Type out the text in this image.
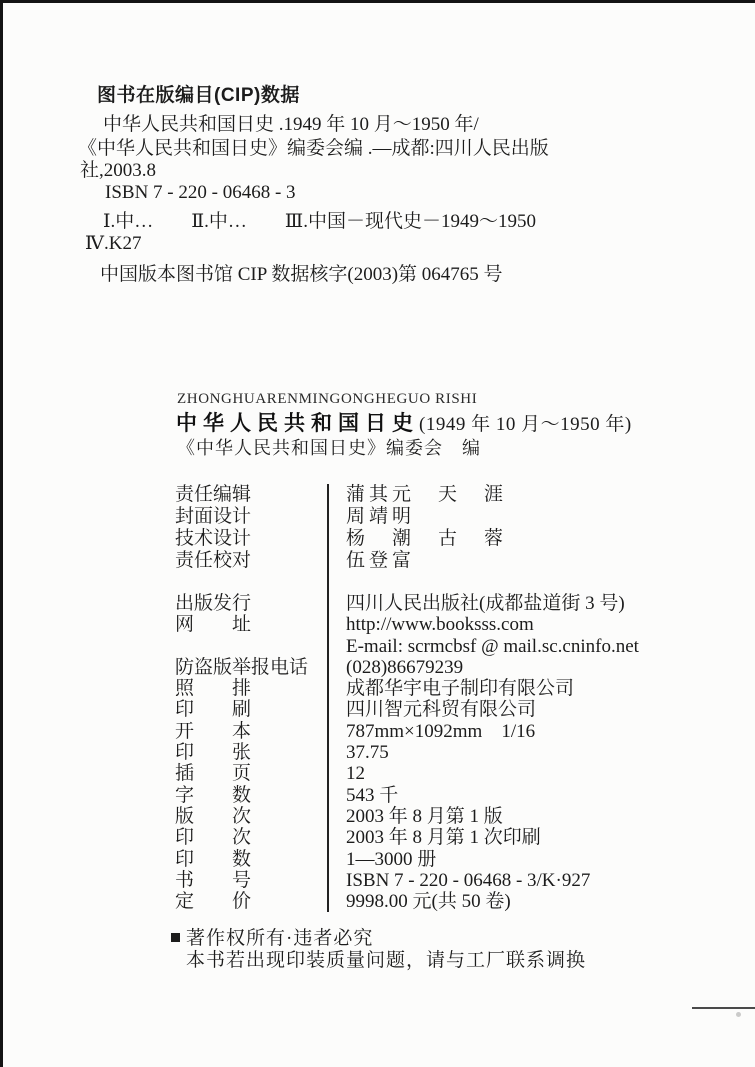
图书在版编目(CIP)数据
中华人民共和国日史 .1949 年 10 月～1950 年/
《中华人民共和国日史》编委会编 .—成都:四川人民出版
社,2003.8
ISBN 7 - 220 - 06468 - 3
Ⅰ.中…　　Ⅱ.中…　　Ⅲ.中国－现代史－1949～1950
Ⅳ.K27
中国版本图书馆 CIP 数据核字(2003)第 064765 号
ZHONGHUARENMINGONGHEGUO RISHI
中华人民共和国日史 (1949 年 10 月～1950 年)
《中华人民共和国日史》编委会　编
责任编辑	蒲其元　天　涯
封面设计	周靖明
技术设计	杨　潮　古　蓉
责任校对	伍登富
出版发行	四川人民出版社(成都盐道街 3 号)
网　　址	http://www.booksss.com
E-mail: scrmcbsf @ mail.sc.cninfo.net
防盗版举报电话	(028)86679239
照　　排	成都华宇电子制印有限公司
印　　刷	四川智元科贸有限公司
开　　本	787mm×1092mm　1/16
印　　张	37.75
插　　页	12
字　　数	543 千
版　　次	2003 年 8 月第 1 版
印　　次	2003 年 8 月第 1 次印刷
印　　数	1—3000 册
书　　号	ISBN 7 - 220 - 06468 - 3/K·927
定　　价	9998.00 元(共 50 卷)
著作权所有·违者必究
本书若出现印装质量问题，请与工厂联系调换
